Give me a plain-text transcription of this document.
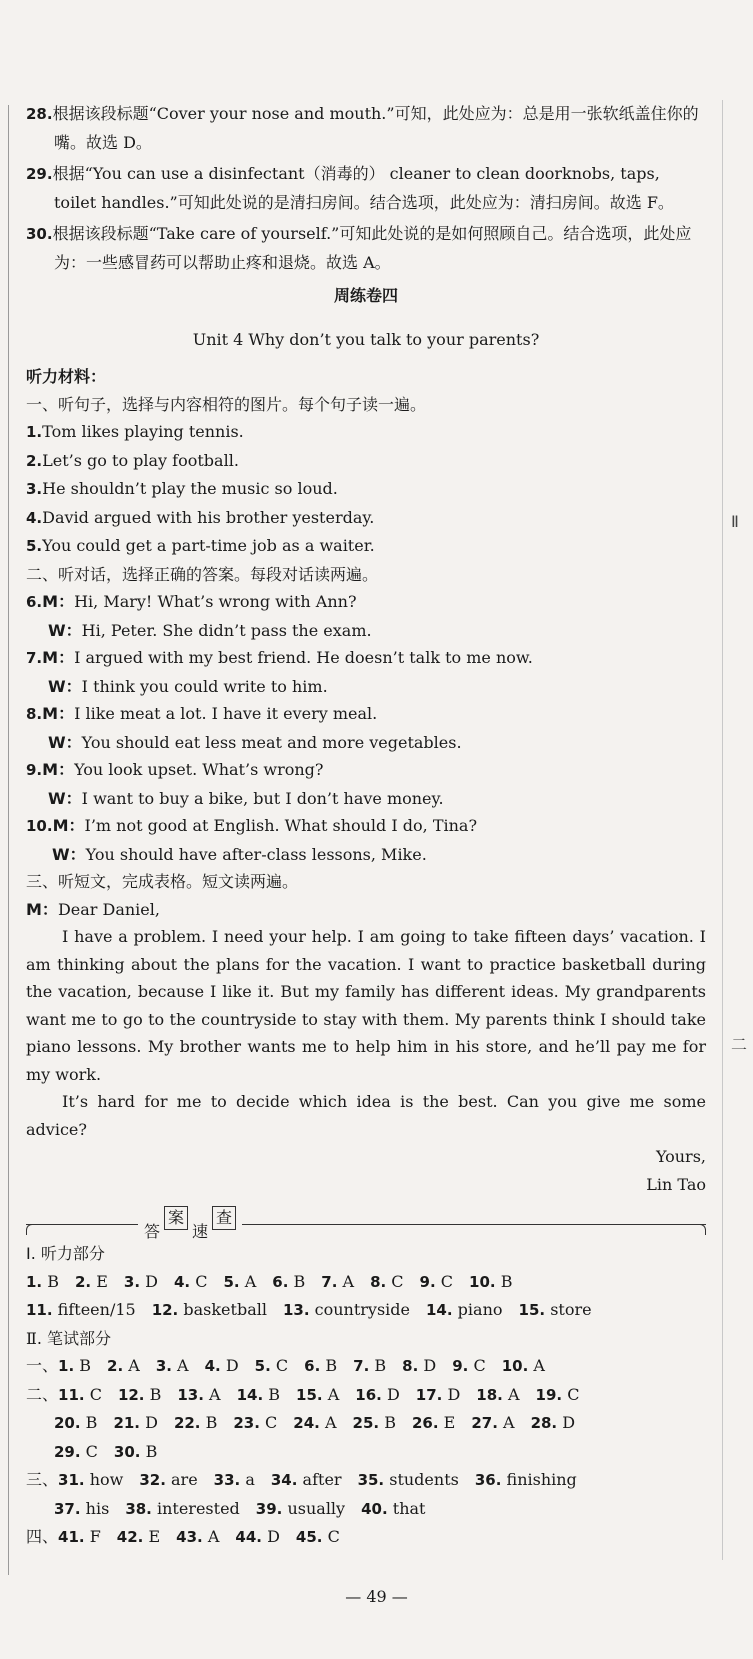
Ⅱ
二

28.根据该段标题“Cover your nose and mouth.”可知，此处应为：总是用一张软纸盖住你的嘴。故选 D。

29.根据“You can use a disinfectant（消毒的） cleaner to clean doorknobs, taps, toilet handles.”可知此处说的是清扫房间。结合选项，此处应为：清扫房间。故选 F。

30.根据该段标题“Take care of yourself.”可知此处说的是如何照顾自己。结合选项，此处应为：一些感冒药可以帮助止疼和退烧。故选 A。

周练卷四

Unit 4 Why don’t you talk to your parents?

听力材料：

一、听句子，选择与内容相符的图片。每个句子读一遍。

1.Tom likes playing tennis.

2.Let’s go to play football.

3.He shouldn’t play the music so loud.

4.David argued with his brother yesterday.

5.You could get a part-time job as a waiter.

二、听对话，选择正确的答案。每段对话读两遍。

6.M：Hi, Mary! What’s wrong with Ann?

W：Hi, Peter. She didn’t pass the exam.

7.M：I argued with my best friend. He doesn’t talk to me now.

W：I think you could write to him.

8.M：I like meat a lot. I have it every meal.

W：You should eat less meat and more vegetables.

9.M：You look upset. What’s wrong?

W：I want to buy a bike, but I don’t have money.

10.M：I’m not good at English. What should I do, Tina?

W：You should have after-class lessons, Mike.

三、听短文，完成表格。短文读两遍。

M：Dear Daniel,

I have a problem. I need your help. I am going to take fifteen days’ vacation. I am thinking about the plans for the vacation. I want to practice basketball during the vacation, because I like it. But my family has different ideas. My grandparents want me to go to the countryside to stay with them. My parents think I should take piano lessons. My brother wants me to help him in his store, and he’ll pay me for my work.

It’s hard for me to decide which idea is the best. Can you give me some advice?

Yours,

Lin Tao

答
案
速
查

Ⅰ. 听力部分

1. B 2. E 3. D 4. C 5. A 6. B 7. A 8. C 9. C 10. B

11. fifteen/15 12. basketball 13. countryside 14. piano 15. store

Ⅱ. 笔试部分

一、1. B 2. A 3. A 4. D 5. C 6. B 7. B 8. D 9. C 10. A

二、11. C 12. B 13. A 14. B 15. A 16. D 17. D 18. A 19. C

20. B 21. D 22. B 23. C 24. A 25. B 26. E 27. A 28. D

29. C 30. B

三、31. how 32. are 33. a 34. after 35. students 36. finishing

37. his 38. interested 39. usually 40. that

四、41. F 42. E 43. A 44. D 45. C

— 49 —
